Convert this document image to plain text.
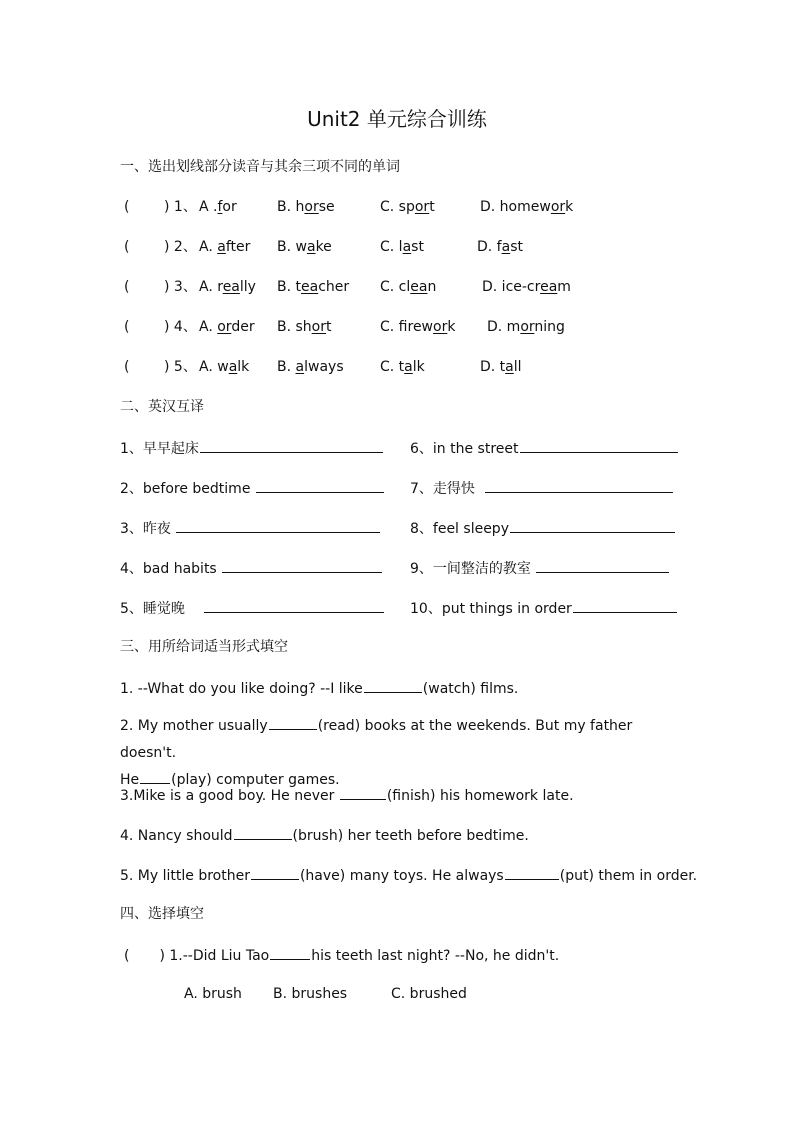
Unit2 单元综合训练
一、选出划线部分读音与其余三项不同的单词
( ) 1、 A .for	B. horse	C. sport	D. homework
( ) 2、 A. after B. wake	C. last	D. fast
( ) 3、 A. really B. teacher C. clean	D. ice-cream
( ) 4、 A. order B. short	C. firework D. morning
( ) 5、 A. walk B. always	C. talk	D. tall
二、英汉互译
1、早早起床
2、before bedtime
3、昨夜
4、bad habits
5、睡觉晚
6、in the street
7、走得快
8、feel sleepy
9、一间整洁的教室
10、put things in order
三、用所给词适当形式填空
1. --What do you like doing? --I like	(watch) films.
2. My mother usually	(read) books at the weekends. But my father doesn't.
He (play) computer games.
3.Mike is a good boy. He never	(finish) his homework late.
4. Nancy should	(brush) her teeth before bedtime.
5. My little brother	(have) many toys. He always	(put) them in order.
四、选择填空
( ) 1.--Did Liu Tao	his teeth last night? --No, he didn't.
A. brush B. brushes	C. brushed
